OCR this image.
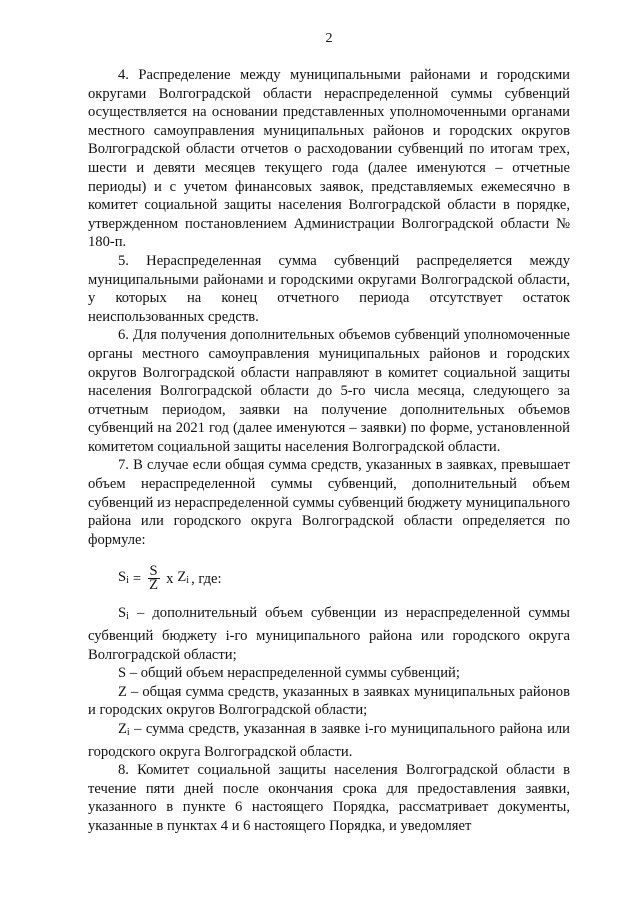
2

4. Распределение между муниципальными районами и городскими округами Волгоградской области нераспределенной суммы субвенций осуществляется на основании представленных уполномоченными органами местного самоуправления муниципальных районов и городских округов Волгоградской области отчетов о расходовании субвенций по итогам трех, шести и девяти месяцев текущего года (далее именуются – отчетные периоды) и с учетом финансовых заявок, представляемых ежемесячно в комитет социальной защиты населения Волгоградской области в порядке, утвержденном постановлением Администрации Волгоградской области № 180-п.

5. Нераспределенная сумма субвенций распределяется между муниципальными районами и городскими округами Волгоградской области, у которых на конец отчетного периода отсутствует остаток неиспользованных средств.

6. Для получения дополнительных объемов субвенций уполномоченные органы местного самоуправления муниципальных районов и городских округов Волгоградской области направляют в комитет социальной защиты населения Волгоградской области до 5-го числа месяца, следующего за отчетным периодом, заявки на получение дополнительных объемов субвенций на 2021 год (далее именуются – заявки) по форме, установленной комитетом социальной защиты населения Волгоградской области.

7. В случае если общая сумма средств, указанных в заявках, превышает объем нераспределенной суммы субвенций, дополнительный объем субвенций из нераспределенной суммы субвенций бюджету муниципального района или городского округа Волгоградской области определяется по формуле:

$S_i = \frac{S}{Z}$ x $Z_i$ , где:

$S_i$ – дополнительный объем субвенции из нераспределенной суммы субвенций бюджету i-го муниципального района или городского округа Волгоградской области;

S – общий объем нераспределенной суммы субвенций;

Z – общая сумма средств, указанных в заявках муниципальных районов и городских округов Волгоградской области;

$Z_i$ – сумма средств, указанная в заявке i-го муниципального района или городского округа Волгоградской области.

8. Комитет социальной защиты населения Волгоградской области в течение пяти дней после окончания срока для предоставления заявки, указанного в пункте 6 настоящего Порядка, рассматривает документы, указанные в пунктах 4 и 6 настоящего Порядка, и уведомляет
